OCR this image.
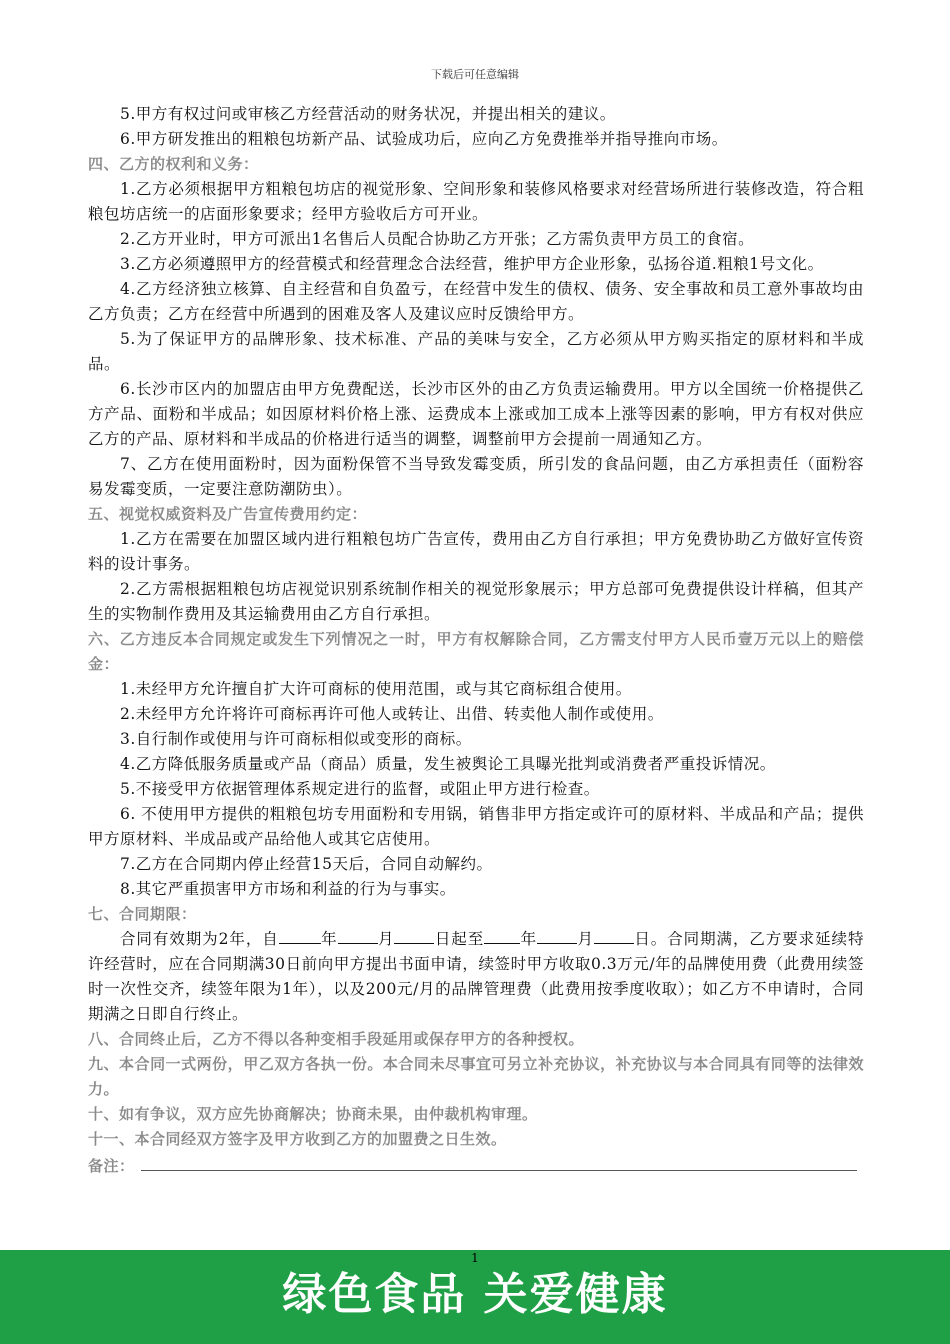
下载后可任意编辑

5.甲方有权过问或审核乙方经营活动的财务状况，并提出相关的建议。

6.甲方研发推出的粗粮包坊新产品、试验成功后，应向乙方免费推举并指导推向市场。

四、乙方的权利和义务：

1.乙方必须根据甲方粗粮包坊店的视觉形象、空间形象和装修风格要求对经营场所进行装修改造，符合粗粮包坊店统一的店面形象要求；经甲方验收后方可开业。

2.乙方开业时，甲方可派出1名售后人员配合协助乙方开张；乙方需负责甲方员工的食宿。

3.乙方必须遵照甲方的经营模式和经营理念合法经营，维护甲方企业形象，弘扬谷道.粗粮1号文化。

4.乙方经济独立核算、自主经营和自负盈亏，在经营中发生的债权、债务、安全事故和员工意外事故均由乙方负责；乙方在经营中所遇到的困难及客人及建议应时反馈给甲方。

5.为了保证甲方的品牌形象、技术标准、产品的美味与安全，乙方必须从甲方购买指定的原材料和半成品。

6.长沙市区内的加盟店由甲方免费配送，长沙市区外的由乙方负责运输费用。甲方以全国统一价格提供乙方产品、面粉和半成品；如因原材料价格上涨、运费成本上涨或加工成本上涨等因素的影响，甲方有权对供应乙方的产品、原材料和半成品的价格进行适当的调整，调整前甲方会提前一周通知乙方。

7、乙方在使用面粉时，因为面粉保管不当导致发霉变质，所引发的食品问题，由乙方承担责任（面粉容易发霉变质，一定要注意防潮防虫）。

五、视觉权威资料及广告宣传费用约定：

1.乙方在需要在加盟区域内进行粗粮包坊广告宣传，费用由乙方自行承担；甲方免费协助乙方做好宣传资料的设计事务。

2.乙方需根据粗粮包坊店视觉识别系统制作相关的视觉形象展示；甲方总部可免费提供设计样稿，但其产生的实物制作费用及其运输费用由乙方自行承担。

六、乙方违反本合同规定或发生下列情况之一时，甲方有权解除合同，乙方需支付甲方人民币壹万元以上的赔偿金：

1.未经甲方允许擅自扩大许可商标的使用范围，或与其它商标组合使用。

2.未经甲方允许将许可商标再许可他人或转让、出借、转卖他人制作或使用。

3.自行制作或使用与许可商标相似或变形的商标。

4.乙方降低服务质量或产品（商品）质量，发生被舆论工具曝光批判或消费者严重投诉情况。

5.不接受甲方依据管理体系规定进行的监督，或阻止甲方进行检查。

6. 不使用甲方提供的粗粮包坊专用面粉和专用锅，销售非甲方指定或许可的原材料、半成品和产品；提供甲方原材料、半成品或产品给他人或其它店使用。

7.乙方在合同期内停止经营15天后，合同自动解约。

8.其它严重损害甲方市场和利益的行为与事实。

七、合同期限：

合同有效期为2年，自	年	月	日起至 年	月	日。合同期满，乙方要求延续特许经营时，应在合同期满30日前向甲方提出书面申请，续签时甲方收取0.3万元/年的品牌使用费（此费用续签时一次性交齐，续签年限为1年），以及200元/月的品牌管理费（此费用按季度收取）；如乙方不申请时，合同期满之日即自行终止。

八、合同终止后，乙方不得以各种变相手段延用或保存甲方的各种授权。

九、本合同一式两份，甲乙双方各执一份。本合同未尽事宜可另立补充协议，补充协议与本合同具有同等的法律效力。

十、如有争议，双方应先协商解决；协商未果，由仲裁机构审理。

十一、本合同经双方签字及甲方收到乙方的加盟费之日生效。

备注：

1
绿色食品 关爱健康
